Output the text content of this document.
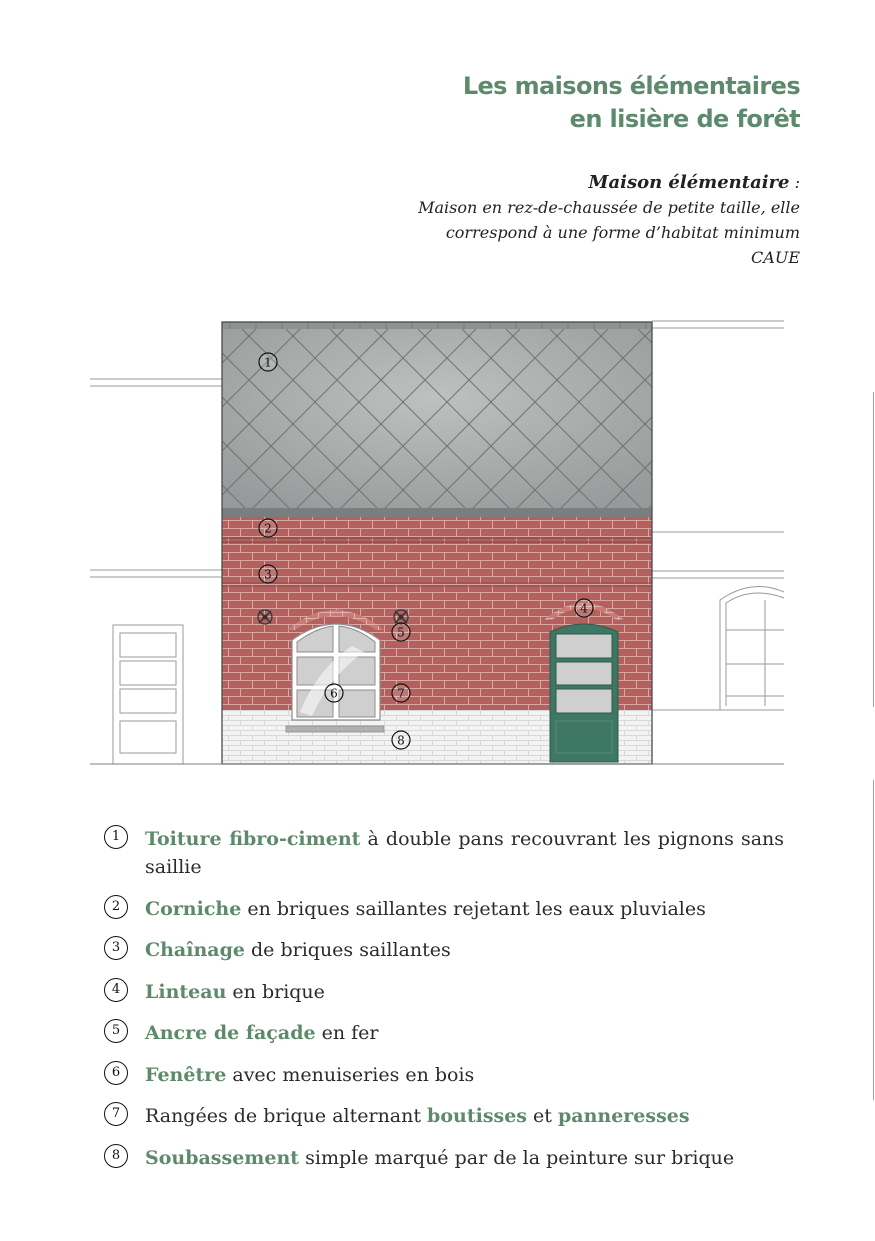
Les maisons élémentaires
en lisière de forêt
Maison élémentaire :
Maison en rez-de-chaussée de petite taille, elle
correspond à une forme d’habitat minimum
CAUE
1
2
3
4
5
6	7
8
1	Toiture fibro-ciment à double pans recouvrant les pignons sans saillie
2	Corniche en briques saillantes rejetant les eaux pluviales
3	Chaînage de briques saillantes
4	Linteau en brique
5	Ancre de façade en fer
6	Fenêtre avec menuiseries en bois
7	Rangées de brique alternant boutisses et panneresses
8	Soubassement simple marqué par de la peinture sur brique
